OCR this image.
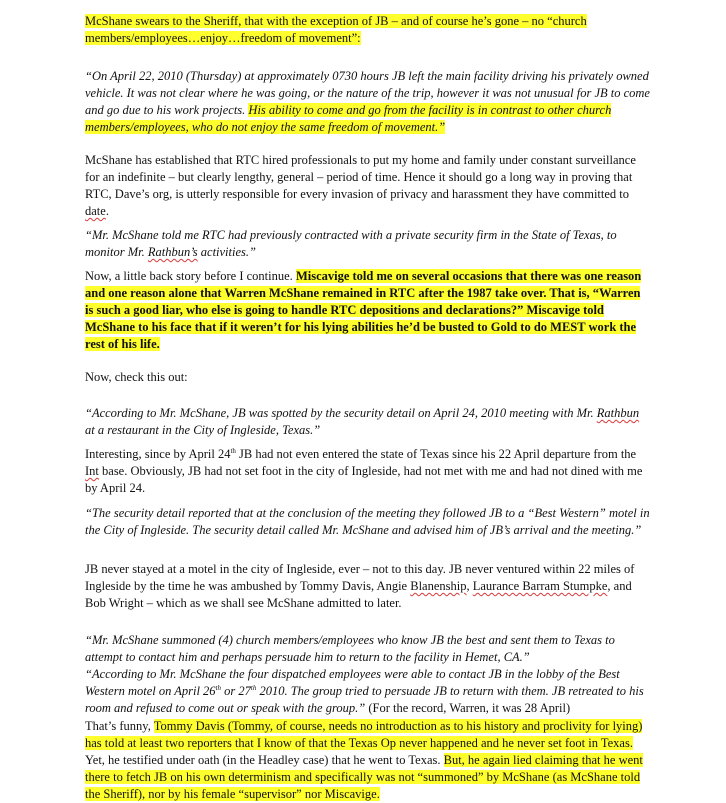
McShane swears to the Sheriff, that with the exception of JB – and of course he’s gone – no “church members/employees…enjoy…freedom of movement”:

“On April 22, 2010 (Thursday) at approximately 0730 hours JB left the main facility driving his privately owned vehicle. It was not clear where he was going, or the nature of the trip, however it was not unusual for JB to come and go due to his work projects. His ability to come and go from the facility is in contrast to other church members/employees, who do not enjoy the same freedom of movement.”

McShane has established that RTC hired professionals to put my home and family under constant surveillance for an indefinite – but clearly lengthy, general – period of time. Hence it should go a long way in proving that RTC, Dave’s org, is utterly responsible for every invasion of privacy and harassment they have committed to date.

“Mr. McShane told me RTC had previously contracted with a private security firm in the State of Texas, to monitor Mr. Rathbun’s activities.”

Now, a little back story before I continue. Miscavige told me on several occasions that there was one reason and one reason alone that Warren McShane remained in RTC after the 1987 take over. That is, “Warren is such a good liar, who else is going to handle RTC depositions and declarations?” Miscavige told McShane to his face that if it weren’t for his lying abilities he’d be busted to Gold to do MEST work the rest of his life.

Now, check this out:

“According to Mr. McShane, JB was spotted by the security detail on April 24, 2010 meeting with Mr. Rathbun at a restaurant in the City of Ingleside, Texas.”

Interesting, since by April 24th JB had not even entered the state of Texas since his 22 April departure from the Int base. Obviously, JB had not set foot in the city of Ingleside, had not met with me and had not dined with me by April 24.

“The security detail reported that at the conclusion of the meeting they followed JB to a “Best Western” motel in the City of Ingleside. The security detail called Mr. McShane and advised him of JB’s arrival and the meeting.”

JB never stayed at a motel in the city of Ingleside, ever – not to this day. JB never ventured within 22 miles of Ingleside by the time he was ambushed by Tommy Davis, Angie Blanenship, Laurance Barram Stumpke, and Bob Wright – which as we shall see McShane admitted to later.

“Mr. McShane summoned (4) church members/employees who know JB the best and sent them to Texas to attempt to contact him and perhaps persuade him to return to the facility in Hemet, CA.”

“According to Mr. McShane the four dispatched employees were able to contact JB in the lobby of the Best Western motel on April 26th or 27th 2010. The group tried to persuade JB to return with them. JB retreated to his room and refused to come out or speak with the group.” (For the record, Warren, it was 28 April)

That’s funny, Tommy Davis (Tommy, of course, needs no introduction as to his history and proclivity for lying) has told at least two reporters that I know of that the Texas Op never happened and he never set foot in Texas. Yet, he testified under oath (in the Headley case) that he went to Texas. But, he again lied claiming that he went there to fetch JB on his own determinism and specifically was not “summoned” by McShane (as McShane told the Sheriff), nor by his female “supervisor” nor Miscavige.
